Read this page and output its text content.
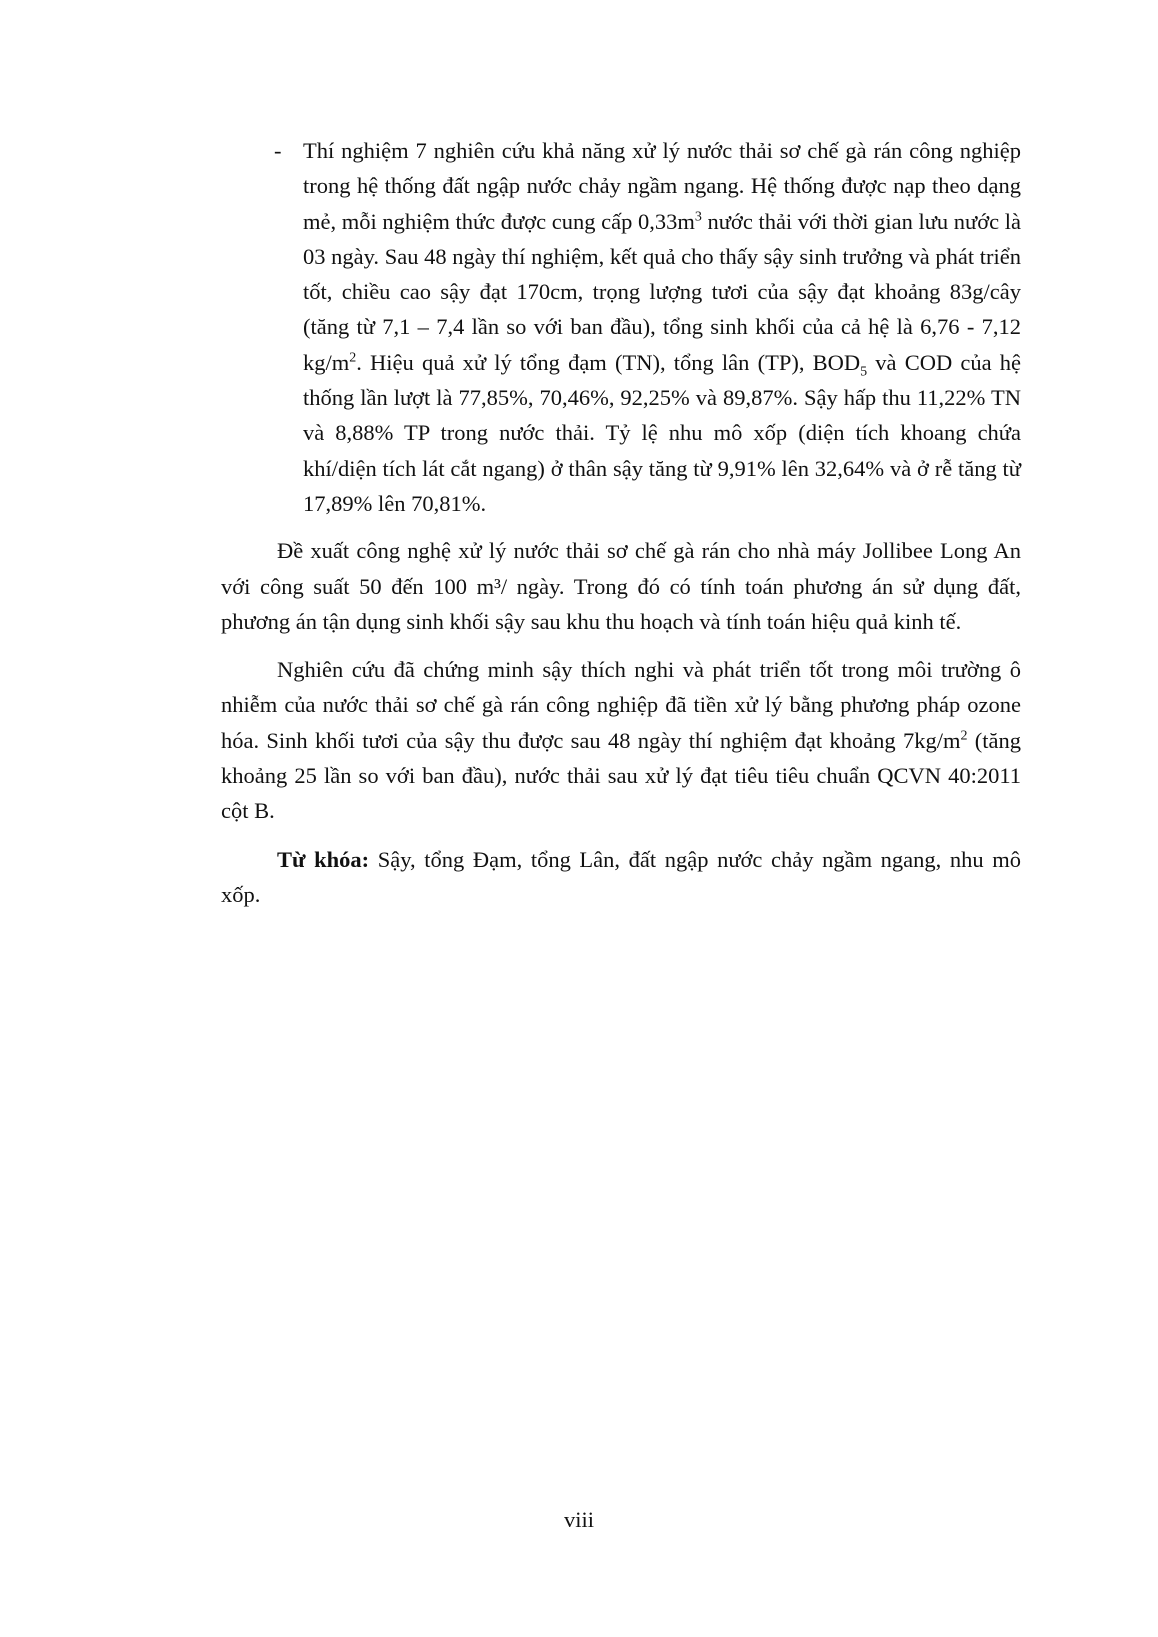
- Thí nghiệm 7 nghiên cứu khả năng xử lý nước thải sơ chế gà rán công nghiệp trong hệ thống đất ngập nước chảy ngầm ngang. Hệ thống được nạp theo dạng mẻ, mỗi nghiệm thức được cung cấp $0,33m^3$ nước thải với thời gian lưu nước là 03 ngày. Sau 48 ngày thí nghiệm, kết quả cho thấy sậy sinh trưởng và phát triển tốt, chiều cao sậy đạt 170cm, trọng lượng tươi của sậy đạt khoảng 83g/cây (tăng từ 7,1 – 7,4 lần so với ban đầu), tổng sinh khối của cả hệ là 6,76 - 7,12 $kg/m^2$. Hiệu quả xử lý tổng đạm (TN), tổng lân (TP), $BOD_5$ và COD của hệ thống lần lượt là 77,85%, 70,46%, 92,25% và 89,87%. Sậy hấp thu 11,22% TN và 8,88% TP trong nước thải. Tỷ lệ nhu mô xốp (diện tích khoang chứa khí/diện tích lát cắt ngang) ở thân sậy tăng từ 9,91% lên 32,64% và ở rễ tăng từ 17,89% lên 70,81%.

Đề xuất công nghệ xử lý nước thải sơ chế gà rán cho nhà máy Jollibee Long An với công suất 50 đến 100 m³/ ngày. Trong đó có tính toán phương án sử dụng đất, phương án tận dụng sinh khối sậy sau khu thu hoạch và tính toán hiệu quả kinh tế.

Nghiên cứu đã chứng minh sậy thích nghi và phát triển tốt trong môi trường ô nhiễm của nước thải sơ chế gà rán công nghiệp đã tiền xử lý bằng phương pháp ozone hóa. Sinh khối tươi của sậy thu được sau 48 ngày thí nghiệm đạt khoảng $7kg/m^2$ (tăng khoảng 25 lần so với ban đầu), nước thải sau xử lý đạt tiêu tiêu chuẩn QCVN 40:2011 cột B.

Từ khóa: Sậy, tổng Đạm, tổng Lân, đất ngập nước chảy ngầm ngang, nhu mô xốp.

viii
